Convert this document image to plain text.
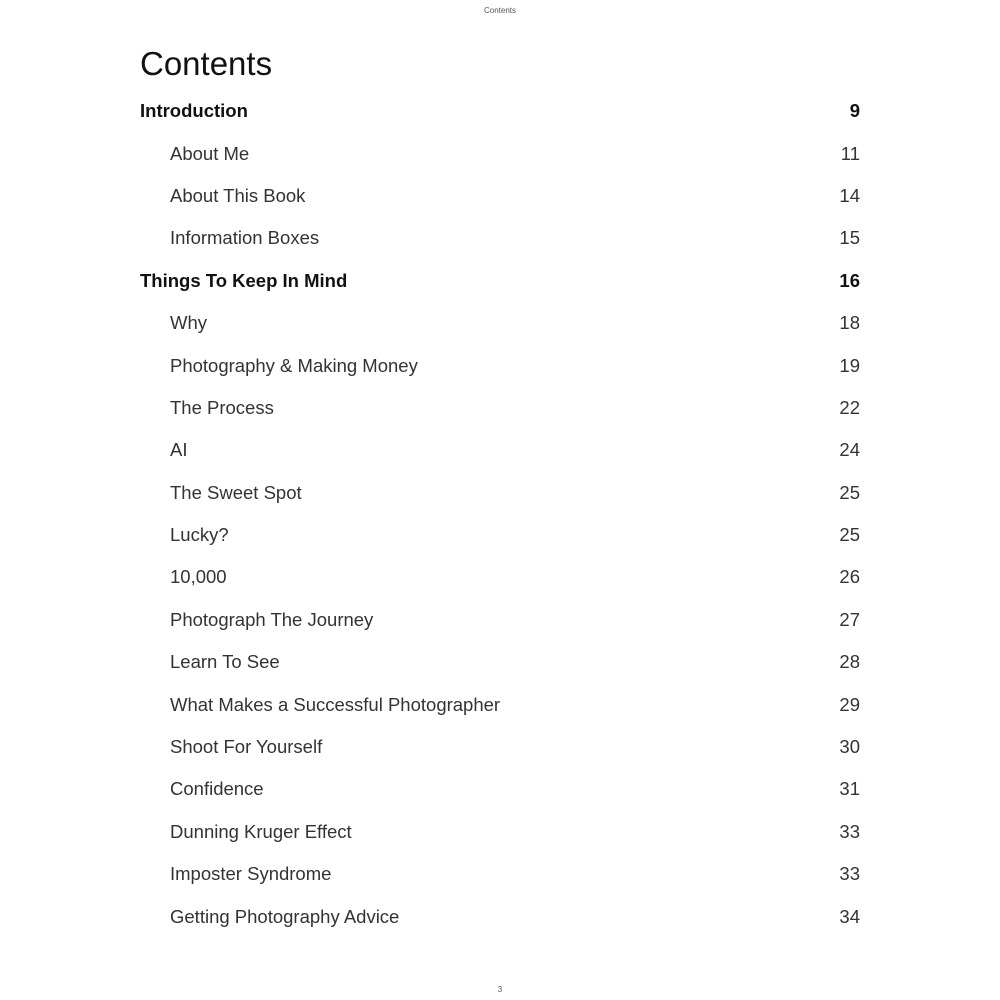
Contents
Contents
Introduction	9
About Me	11
About This Book	14
Information Boxes	15
Things To Keep In Mind	16
Why	18
Photography & Making Money	19
The Process	22
AI	24
The Sweet Spot	25
Lucky?	25
10,000	26
Photograph The Journey	27
Learn To See	28
What Makes a Successful Photographer	29
Shoot For Yourself	30
Confidence	31
Dunning Kruger Effect	33
Imposter Syndrome	33
Getting Photography Advice	34
3
